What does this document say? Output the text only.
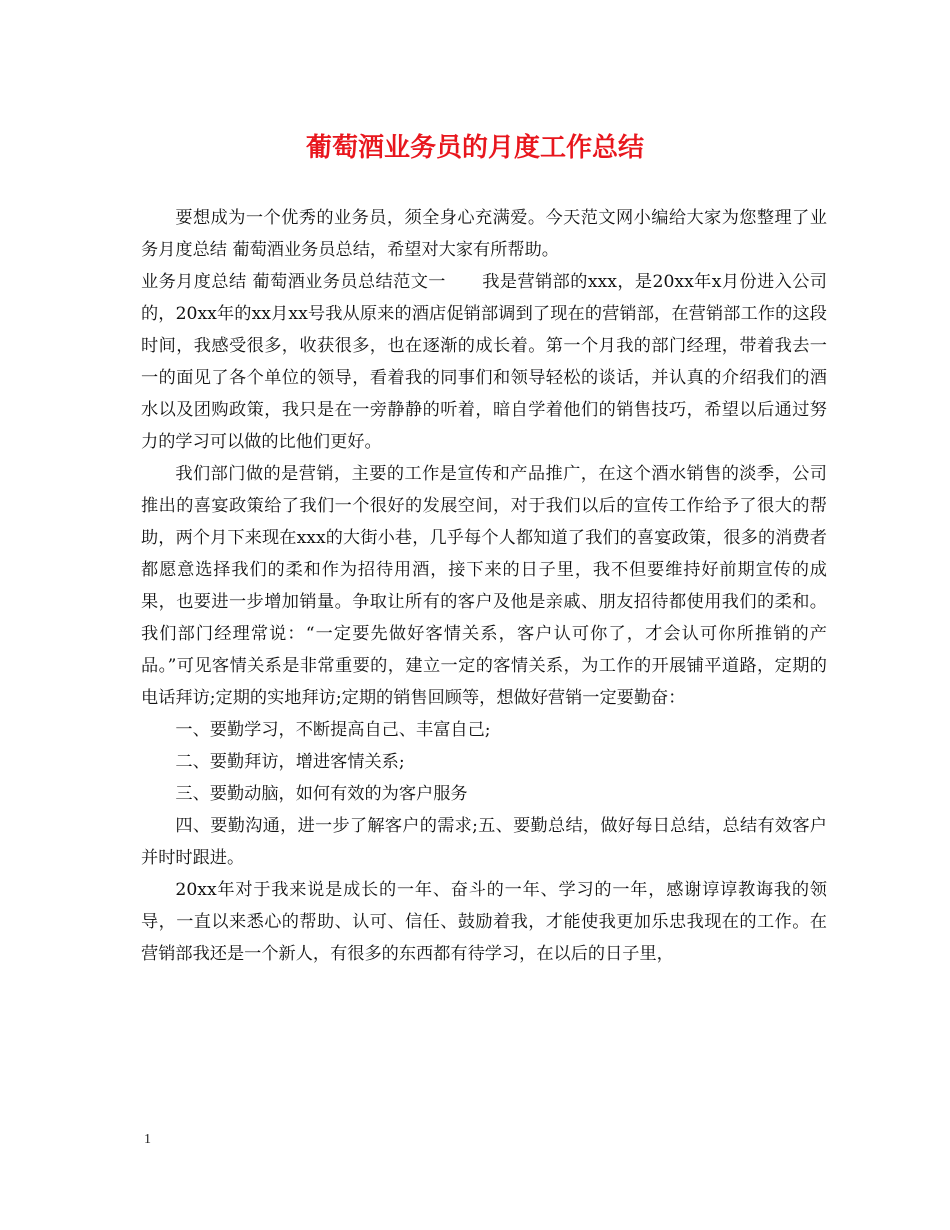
葡萄酒业务员的月度工作总结

要想成为一个优秀的业务员，须全身心充满爱。今天范文网小编给大家为您整理了业务月度总结 葡萄酒业务员总结，希望对大家有所帮助。

业务月度总结 葡萄酒业务员总结范文一 我是营销部的xxx，是20xx年x月份进入公司的，20xx年的xx月xx号我从原来的酒店促销部调到了现在的营销部，在营销部工作的这段时间，我感受很多，收获很多，也在逐渐的成长着。第一个月我的部门经理，带着我去一一的面见了各个单位的领导，看着我的同事们和领导轻松的谈话，并认真的介绍我们的酒水以及团购政策，我只是在一旁静静的听着，暗自学着他们的销售技巧，希望以后通过努力的学习可以做的比他们更好。

我们部门做的是营销，主要的工作是宣传和产品推广，在这个酒水销售的淡季，公司推出的喜宴政策给了我们一个很好的发展空间，对于我们以后的宣传工作给予了很大的帮助，两个月下来现在xxx的大街小巷，几乎每个人都知道了我们的喜宴政策，很多的消费者都愿意选择我们的柔和作为招待用酒，接下来的日子里，我不但要维持好前期宣传的成果，也要进一步增加销量。争取让所有的客户及他是亲戚、朋友招待都使用我们的柔和。我们部门经理常说：“一定要先做好客情关系，客户认可你了，才会认可你所推销的产品。”可见客情关系是非常重要的，建立一定的客情关系，为工作的开展铺平道路，定期的电话拜访;定期的实地拜访;定期的销售回顾等，想做好营销一定要勤奋：

一、要勤学习，不断提高自己、丰富自己;

二、要勤拜访，增进客情关系;

三、要勤动脑，如何有效的为客户服务

四、要勤沟通，进一步了解客户的需求;五、要勤总结，做好每日总结，总结有效客户并时时跟进。

20xx年对于我来说是成长的一年、奋斗的一年、学习的一年，感谢谆谆教诲我的领导，一直以来悉心的帮助、认可、信任、鼓励着我，才能使我更加乐忠我现在的工作。在营销部我还是一个新人，有很多的东西都有待学习，在以后的日子里，

1
